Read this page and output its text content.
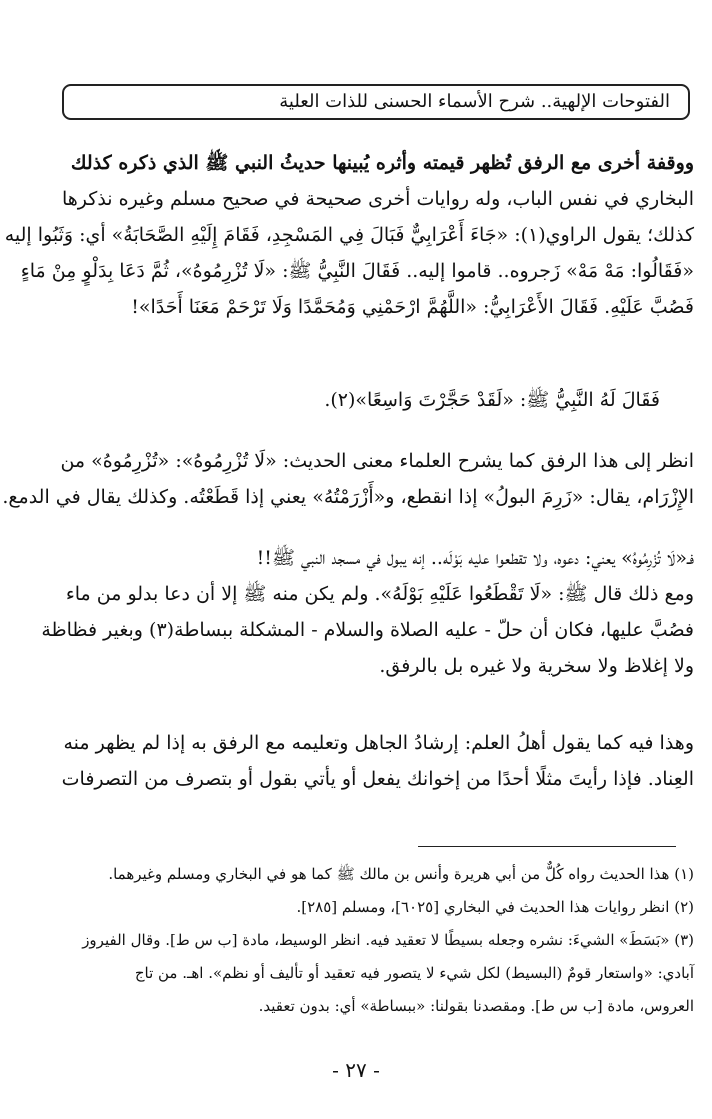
الفتوحات الإلهية.. شرح الأسماء الحسنى للذات العلية
ووقفة أخرى مع الرفق تُظهر قيمته وأثره يُبينها حديثُ النبي ﷺ الذي ذكره كذلك
البخاري في نفس الباب، وله روايات أخرى صحيحة في صحيح مسلم وغيره نذكرها
كذلك؛ يقول الراوي(١): «جَاءَ أَعْرَابِيٌّ فَبَالَ فِي المَسْجِدِ، فَقَامَ إِلَيْهِ الصَّحَابَةُ» أي: وَثَبُوا إليه
«فَقَالُوا: مَهْ مَهْ» زَجروه.. قاموا إليه.. فَقَالَ النَّبِيُّ ﷺ: «لَا تُزْرِمُوهُ»، ثُمَّ دَعَا بِدَلْوٍ مِنْ مَاءٍ
فَصُبَّ عَلَيْهِ. فَقَالَ الأَعْرَابِيُّ: «اللَّهُمَّ ارْحَمْنِي وَمُحَمَّدًا وَلَا تَرْحَمْ مَعَنَا أَحَدًا»!
فَقَالَ لَهُ النَّبِيُّ ﷺ: «لَقَدْ حَجَّرْتَ وَاسِعًا»(٢).
انظر إلى هذا الرفق كما يشرح العلماء معنى الحديث: «لَا تُزْرِمُوهُ»: «تُزْرِمُوهُ» من
الإِزْرَام، يقال: «زَرِمَ البولُ» إذا انقطع، و«أَزْرَمْتُهُ» يعني إذا قَطَعْتُه. وكذلك يقال في الدمع.
فـ«لَا تُزْرِمُوهُ» يعني: دعوه، ولا تقطعوا عليه بَوْلَه.. إنه يبول في مسجد النبي ﷺ!!
ومع ذلك قال ﷺ: «لَا تَقْطَعُوا عَلَيْهِ بَوْلَهُ». ولم يكن منه ﷺ إلا أن دعا بدلو من ماء
فصُبَّ عليها، فكان أن حلّ - عليه الصلاة والسلام - المشكلة ببساطة(٣) وبغير فظاظة
ولا إغلاظ ولا سخرية ولا غيره بل بالرفق.
وهذا فيه كما يقول أهلُ العلم: إرشادُ الجاهل وتعليمه مع الرفق به إذا لم يظهر منه
العِناد. فإذا رأيتَ مثلًا أحدًا من إخوانك يفعل أو يأتي بقول أو بتصرف من التصرفات
(١) هذا الحديث رواه كُلٌّ من أبي هريرة وأنس بن مالك ﷺ كما هو في البخاري ومسلم وغيرهما.
(٢) انظر روايات هذا الحديث في البخاري [٦٠٢٥]، ومسلم [٢٨٥].
(٣) «بَسَطَ» الشيءَ: نشره وجعله بسيطًا لا تعقيد فيه. انظر الوسيط، مادة [ب س ط]. وقال الفيروز
آبادي: «واستعار قومٌ (البسيط) لكل شيء لا يتصور فيه تعقيد أو تأليف أو نظم». اهـ. من تاج
العروس، مادة [ب س ط]. ومقصدنا بقولنا: «ببساطة» أي: بدون تعقيد.
- ٢٧ -
